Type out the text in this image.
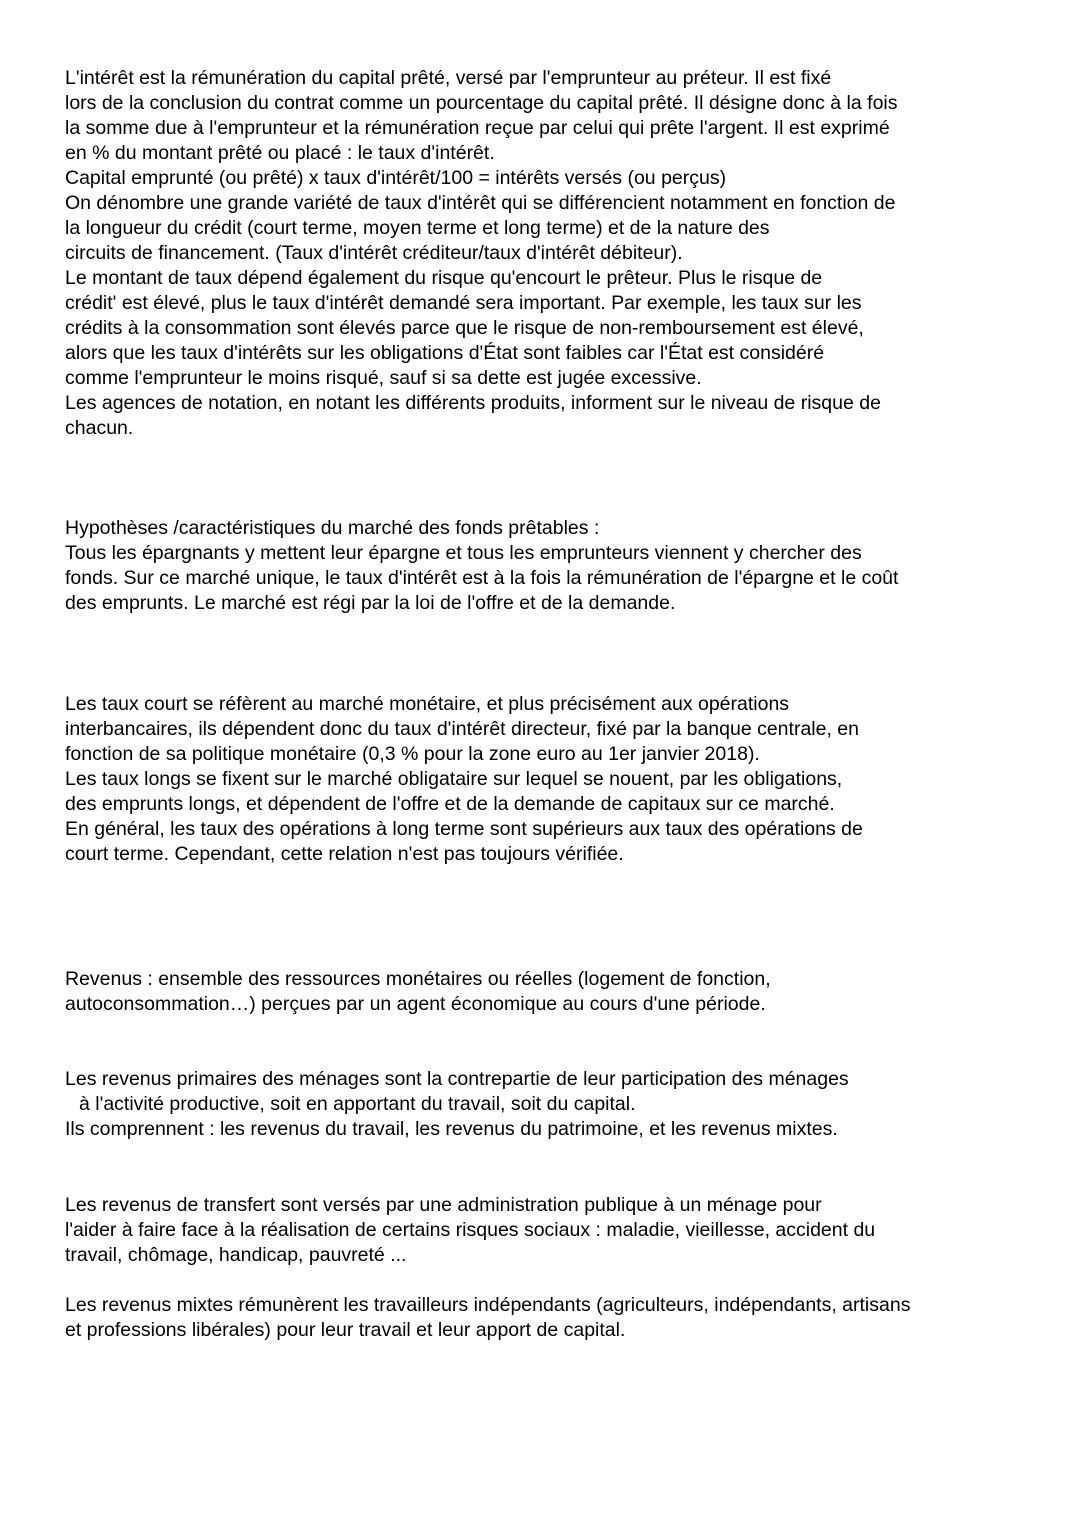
L'intérêt est la rémunération du capital prêté, versé par l'emprunteur au préteur. Il est fixé
lors de la conclusion du contrat comme un pourcentage du capital prêté. Il désigne donc à la fois
la somme due à l'emprunteur et la rémunération reçue par celui qui prête l'argent. Il est exprimé
en % du montant prêté ou placé : le taux d'intérêt.
Capital emprunté (ou prêté) x taux d'intérêt/100 = intérêts versés (ou perçus)
On dénombre une grande variété de taux d'intérêt qui se différencient notamment en fonction de
la longueur du crédit (court terme, moyen terme et long terme) et de la nature des
circuits de financement. (Taux d'intérêt créditeur/taux d'intérêt débiteur).
Le montant de taux dépend également du risque qu'encourt le prêteur. Plus le risque de
crédit' est élevé, plus le taux d'intérêt demandé sera important. Par exemple, les taux sur les
crédits à la consommation sont élevés parce que le risque de non-remboursement est élevé,
alors que les taux d'intérêts sur les obligations d'État sont faibles car l'État est considéré
comme l'emprunteur le moins risqué, sauf si sa dette est jugée excessive.
Les agences de notation, en notant les différents produits, informent sur le niveau de risque de
chacun.
Hypothèses /caractéristiques du marché des fonds prêtables :
Tous les épargnants y mettent leur épargne et tous les emprunteurs viennent y chercher des
fonds. Sur ce marché unique, le taux d'intérêt est à la fois la rémunération de l'épargne et le coût
des emprunts. Le marché est régi par la loi de l'offre et de la demande.
Les taux court se réfèrent au marché monétaire, et plus précisément aux opérations
interbancaires, ils dépendent donc du taux d'intérêt directeur, fixé par la banque centrale, en
fonction de sa politique monétaire (0,3 % pour la zone euro au 1er janvier 2018).
Les taux longs se fixent sur le marché obligataire sur lequel se nouent, par les obligations,
des emprunts longs, et dépendent de l'offre et de la demande de capitaux sur ce marché.
En général, les taux des opérations à long terme sont supérieurs aux taux des opérations de
court terme. Cependant, cette relation n'est pas toujours vérifiée.
Revenus : ensemble des ressources monétaires ou réelles (logement de fonction,
autoconsommation…) perçues par un agent économique au cours d'une période.
Les revenus primaires des ménages sont la contrepartie de leur participation des ménages
à l'activité productive, soit en apportant du travail, soit du capital.
Ils comprennent : les revenus du travail, les revenus du patrimoine, et les revenus mixtes.
Les revenus de transfert sont versés par une administration publique à un ménage pour
l'aider à faire face à la réalisation de certains risques sociaux : maladie, vieillesse, accident du
travail, chômage, handicap, pauvreté ...
Les revenus mixtes rémunèrent les travailleurs indépendants (agriculteurs, indépendants, artisans
et professions libérales) pour leur travail et leur apport de capital.
